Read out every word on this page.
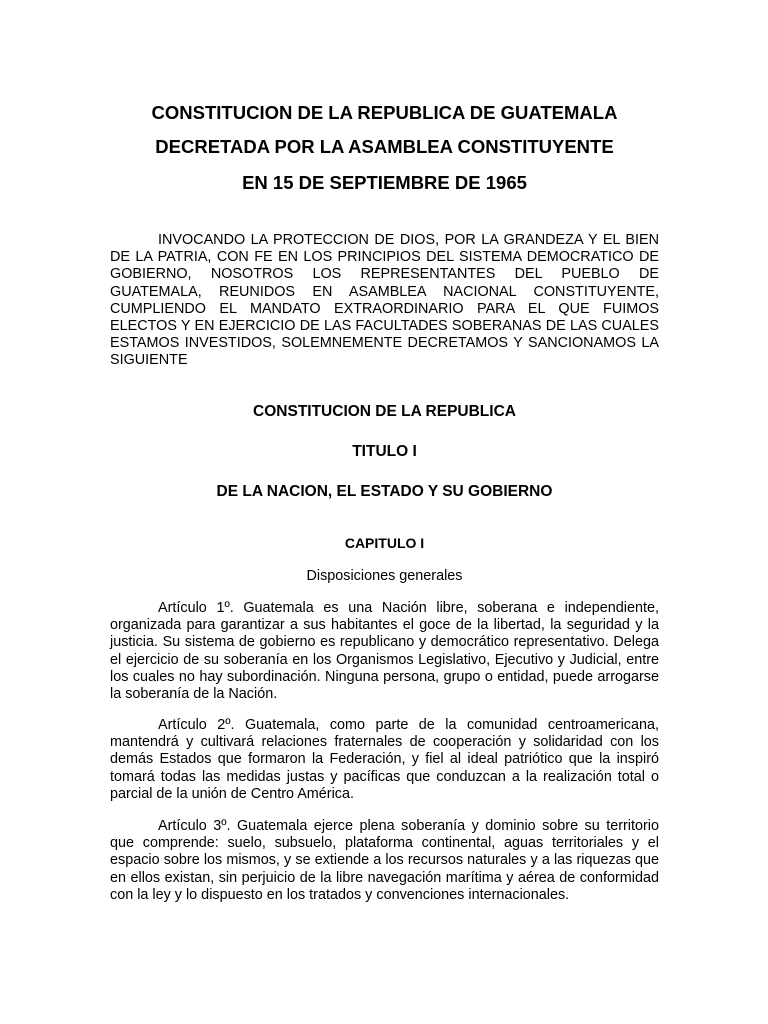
CONSTITUCION DE LA REPUBLICA DE GUATEMALA

DECRETADA POR LA ASAMBLEA CONSTITUYENTE

EN 15 DE SEPTIEMBRE DE 1965

INVOCANDO LA PROTECCION DE DIOS, POR LA GRANDEZA Y EL BIEN DE LA PATRIA, CON FE EN LOS PRINCIPIOS DEL SISTEMA DEMOCRATICO DE GOBIERNO, NOSOTROS LOS REPRESENTANTES DEL PUEBLO DE GUATEMALA, REUNIDOS EN ASAMBLEA NACIONAL CONSTITUYENTE, CUMPLIENDO EL MANDATO EXTRAORDINARIO PARA EL QUE FUIMOS ELECTOS Y EN EJERCICIO DE LAS FACULTADES SOBERANAS DE LAS CUALES ESTAMOS INVESTIDOS, SOLEMNEMENTE DECRETAMOS Y SANCIONAMOS LA SIGUIENTE

CONSTITUCION DE LA REPUBLICA

TITULO I

DE LA NACION, EL ESTADO Y SU GOBIERNO

CAPITULO I

Disposiciones generales

Artículo 1º. Guatemala es una Nación libre, soberana e independiente, organizada para garantizar a sus habitantes el goce de la libertad, la seguridad y la justicia. Su sistema de gobierno es republicano y democrático representativo. Delega el ejercicio de su soberanía en los Organismos Legislativo, Ejecutivo y Judicial, entre los cuales no hay subordinación. Ninguna persona, grupo o entidad, puede arrogarse la soberanía de la Nación.

Artículo 2º. Guatemala, como parte de la comunidad centroamericana, mantendrá y cultivará relaciones fraternales de cooperación y solidaridad con los demás Estados que formaron la Federación, y fiel al ideal patriótico que la inspiró tomará todas las medidas justas y pacíficas que conduzcan a la realización total o parcial de la unión de Centro América.

Artículo 3º. Guatemala ejerce plena soberanía y dominio sobre su territorio que comprende: suelo, subsuelo, plataforma continental, aguas territoriales y el espacio sobre los mismos, y se extiende a los recursos naturales y a las riquezas que en ellos existan, sin perjuicio de la libre navegación marítima y aérea de conformidad con la ley y lo dispuesto en los tratados y convenciones internacionales.
